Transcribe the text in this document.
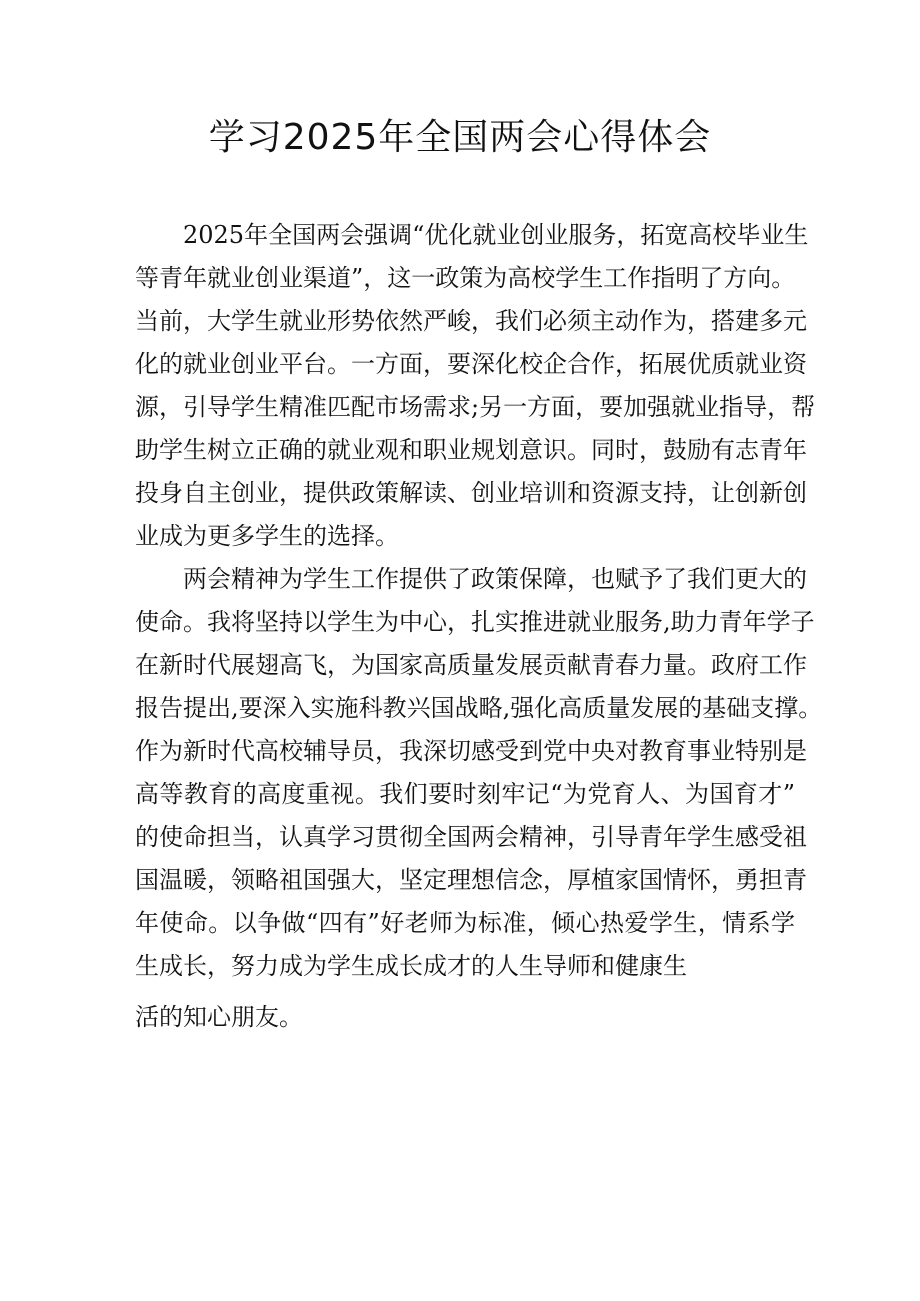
学习2025年全国两会心得体会
2025年全国两会强调“优化就业创业服务，拓宽高校毕业生
等青年就业创业渠道”，这一政策为高校学生工作指明了方向。
当前，大学生就业形势依然严峻，我们必须主动作为，搭建多元
化的就业创业平台。一方面，要深化校企合作，拓展优质就业资
源，引导学生精准匹配市场需求;另一方面，要加强就业指导，帮
助学生树立正确的就业观和职业规划意识。同时，鼓励有志青年
投身自主创业，提供政策解读、创业培训和资源支持，让创新创
业成为更多学生的选择。
两会精神为学生工作提供了政策保障，也赋予了我们更大的
使命。我将坚持以学生为中心，扎实推进就业服务,助力青年学子
在新时代展翅高飞，为国家高质量发展贡献青春力量。政府工作
报告提出,要深入实施科教兴国战略,强化高质量发展的基础支撑。
作为新时代高校辅导员，我深切感受到党中央对教育事业特别是
高等教育的高度重视。我们要时刻牢记“为党育人、为国育才”
的使命担当，认真学习贯彻全国两会精神，引导青年学生感受祖
国温暖，领略祖国强大，坚定理想信念，厚植家国情怀，勇担青
年使命。以争做“四有”好老师为标准，倾心热爱学生，情系学
生成长，努力成为学生成长成才的人生导师和健康生
活的知心朋友。
